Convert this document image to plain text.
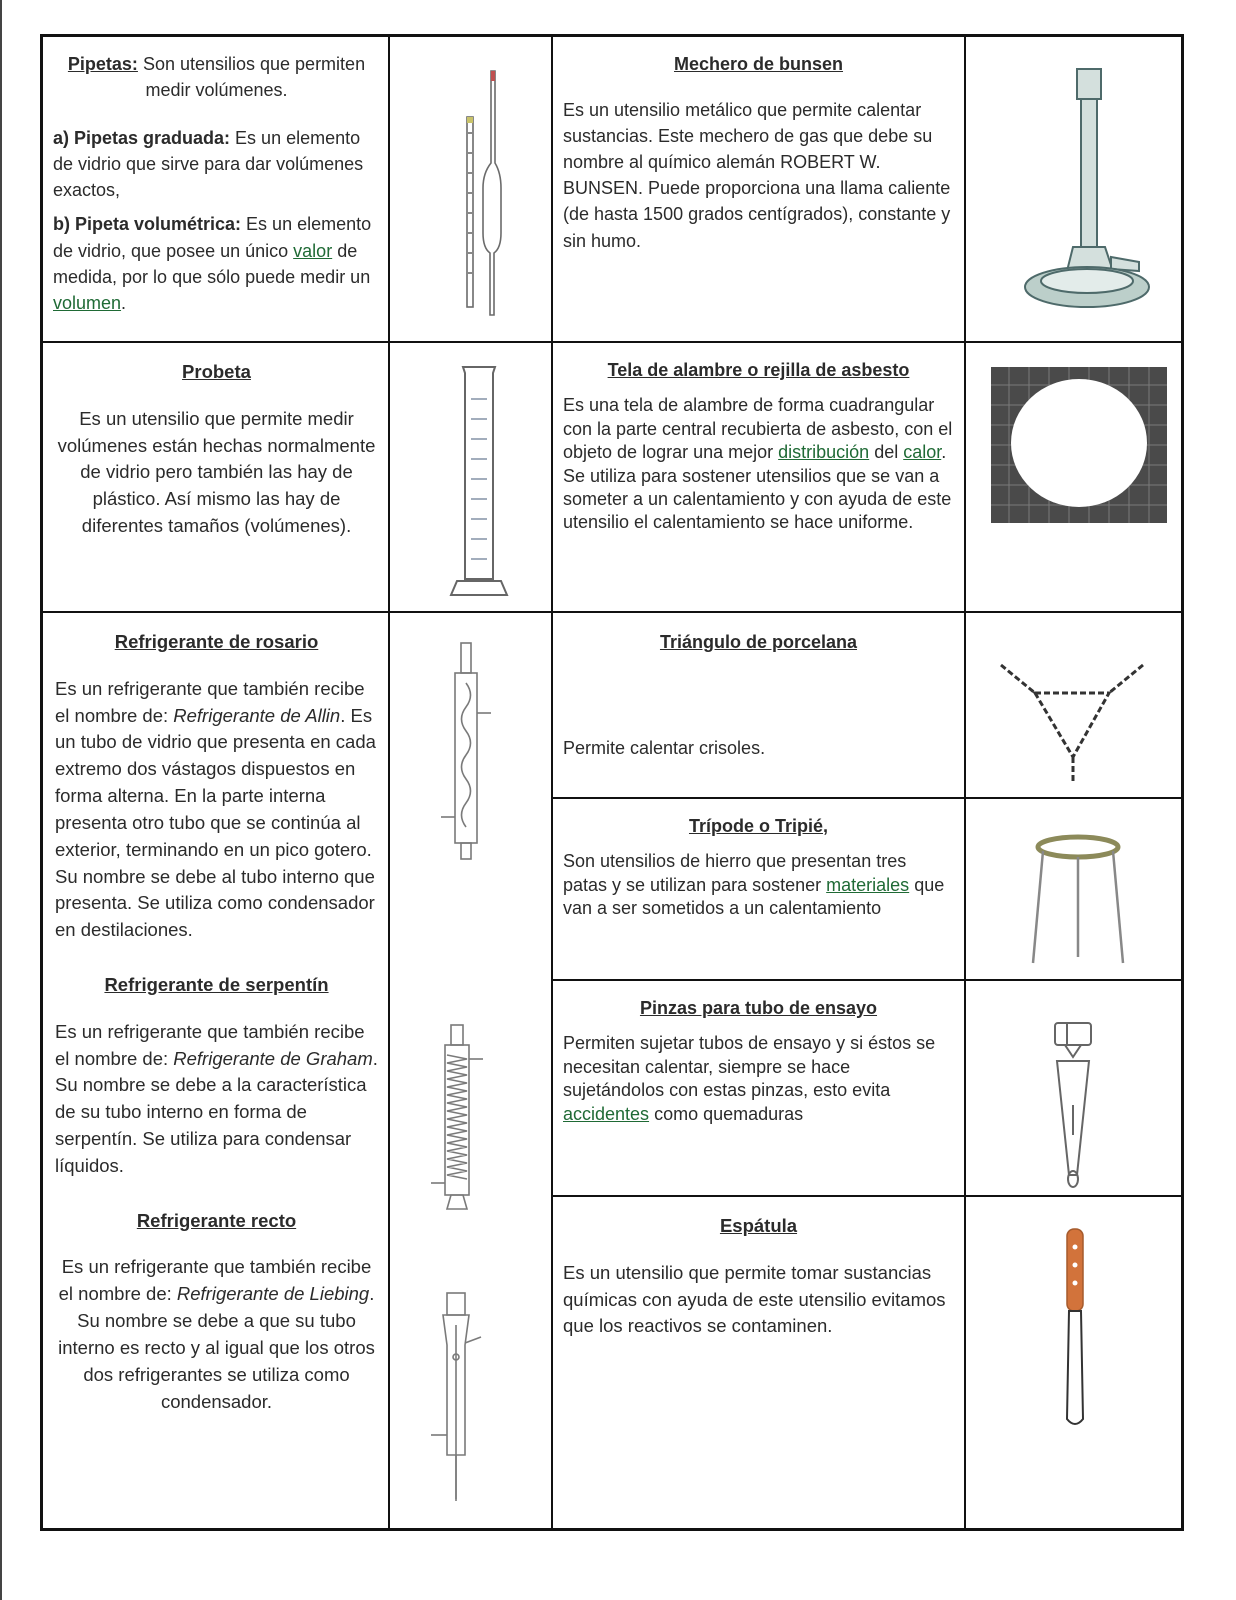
Pipetas: Son utensilios que permiten medir volúmenes.

a) Pipetas graduada: Es un elemento de vidrio que sirve para dar volúmenes exactos,

b) Pipeta volumétrica: Es un elemento de vidrio, que posee un único valor de medida, por lo que sólo puede medir un volumen.

Mechero de bunsen

Es un utensilio metálico que permite calentar sustancias. Este mechero de gas que debe su nombre al químico alemán ROBERT W. BUNSEN. Puede proporciona una llama caliente (de hasta 1500 grados centígrados), constante y sin humo.

Probeta

Es un utensilio que permite medir volúmenes están hechas normalmente de vidrio pero también las hay de plástico. Así mismo las hay de diferentes tamaños (volúmenes).

Tela de alambre o rejilla de asbesto

Es una tela de alambre de forma cuadrangular con la parte central recubierta de asbesto, con el objeto de lograr una mejor distribución del calor. Se utiliza para sostener utensilios que se van a someter a un calentamiento y con ayuda de este utensilio el calentamiento se hace uniforme.

Refrigerante de rosario

Es un refrigerante que también recibe el nombre de: Refrigerante de Allin. Es un tubo de vidrio que presenta en cada extremo dos vástagos dispuestos en forma alterna. En la parte interna presenta otro tubo que se continúa al exterior, terminando en un pico gotero. Su nombre se debe al tubo interno que presenta. Se utiliza como condensador en destilaciones.

Refrigerante de serpentín

Es un refrigerante que también recibe el nombre de: Refrigerante de Graham. Su nombre se debe a la característica de su tubo interno en forma de serpentín. Se utiliza para condensar líquidos.

Refrigerante recto

Es un refrigerante que también recibe el nombre de: Refrigerante de Liebing. Su nombre se debe a que su tubo interno es recto y al igual que los otros dos refrigerantes se utiliza como condensador.

Triángulo de porcelana

Permite calentar crisoles.

Trípode o Tripié,

Son utensilios de hierro que presentan tres patas y se utilizan para sostener materiales que van a ser sometidos a un calentamiento

Pinzas para tubo de ensayo

Permiten sujetar tubos de ensayo y si éstos se necesitan calentar, siempre se hace sujetándolos con estas pinzas, esto evita accidentes como quemaduras

Espátula

Es un utensilio que permite tomar sustancias químicas con ayuda de este utensilio evitamos que los reactivos se contaminen.
